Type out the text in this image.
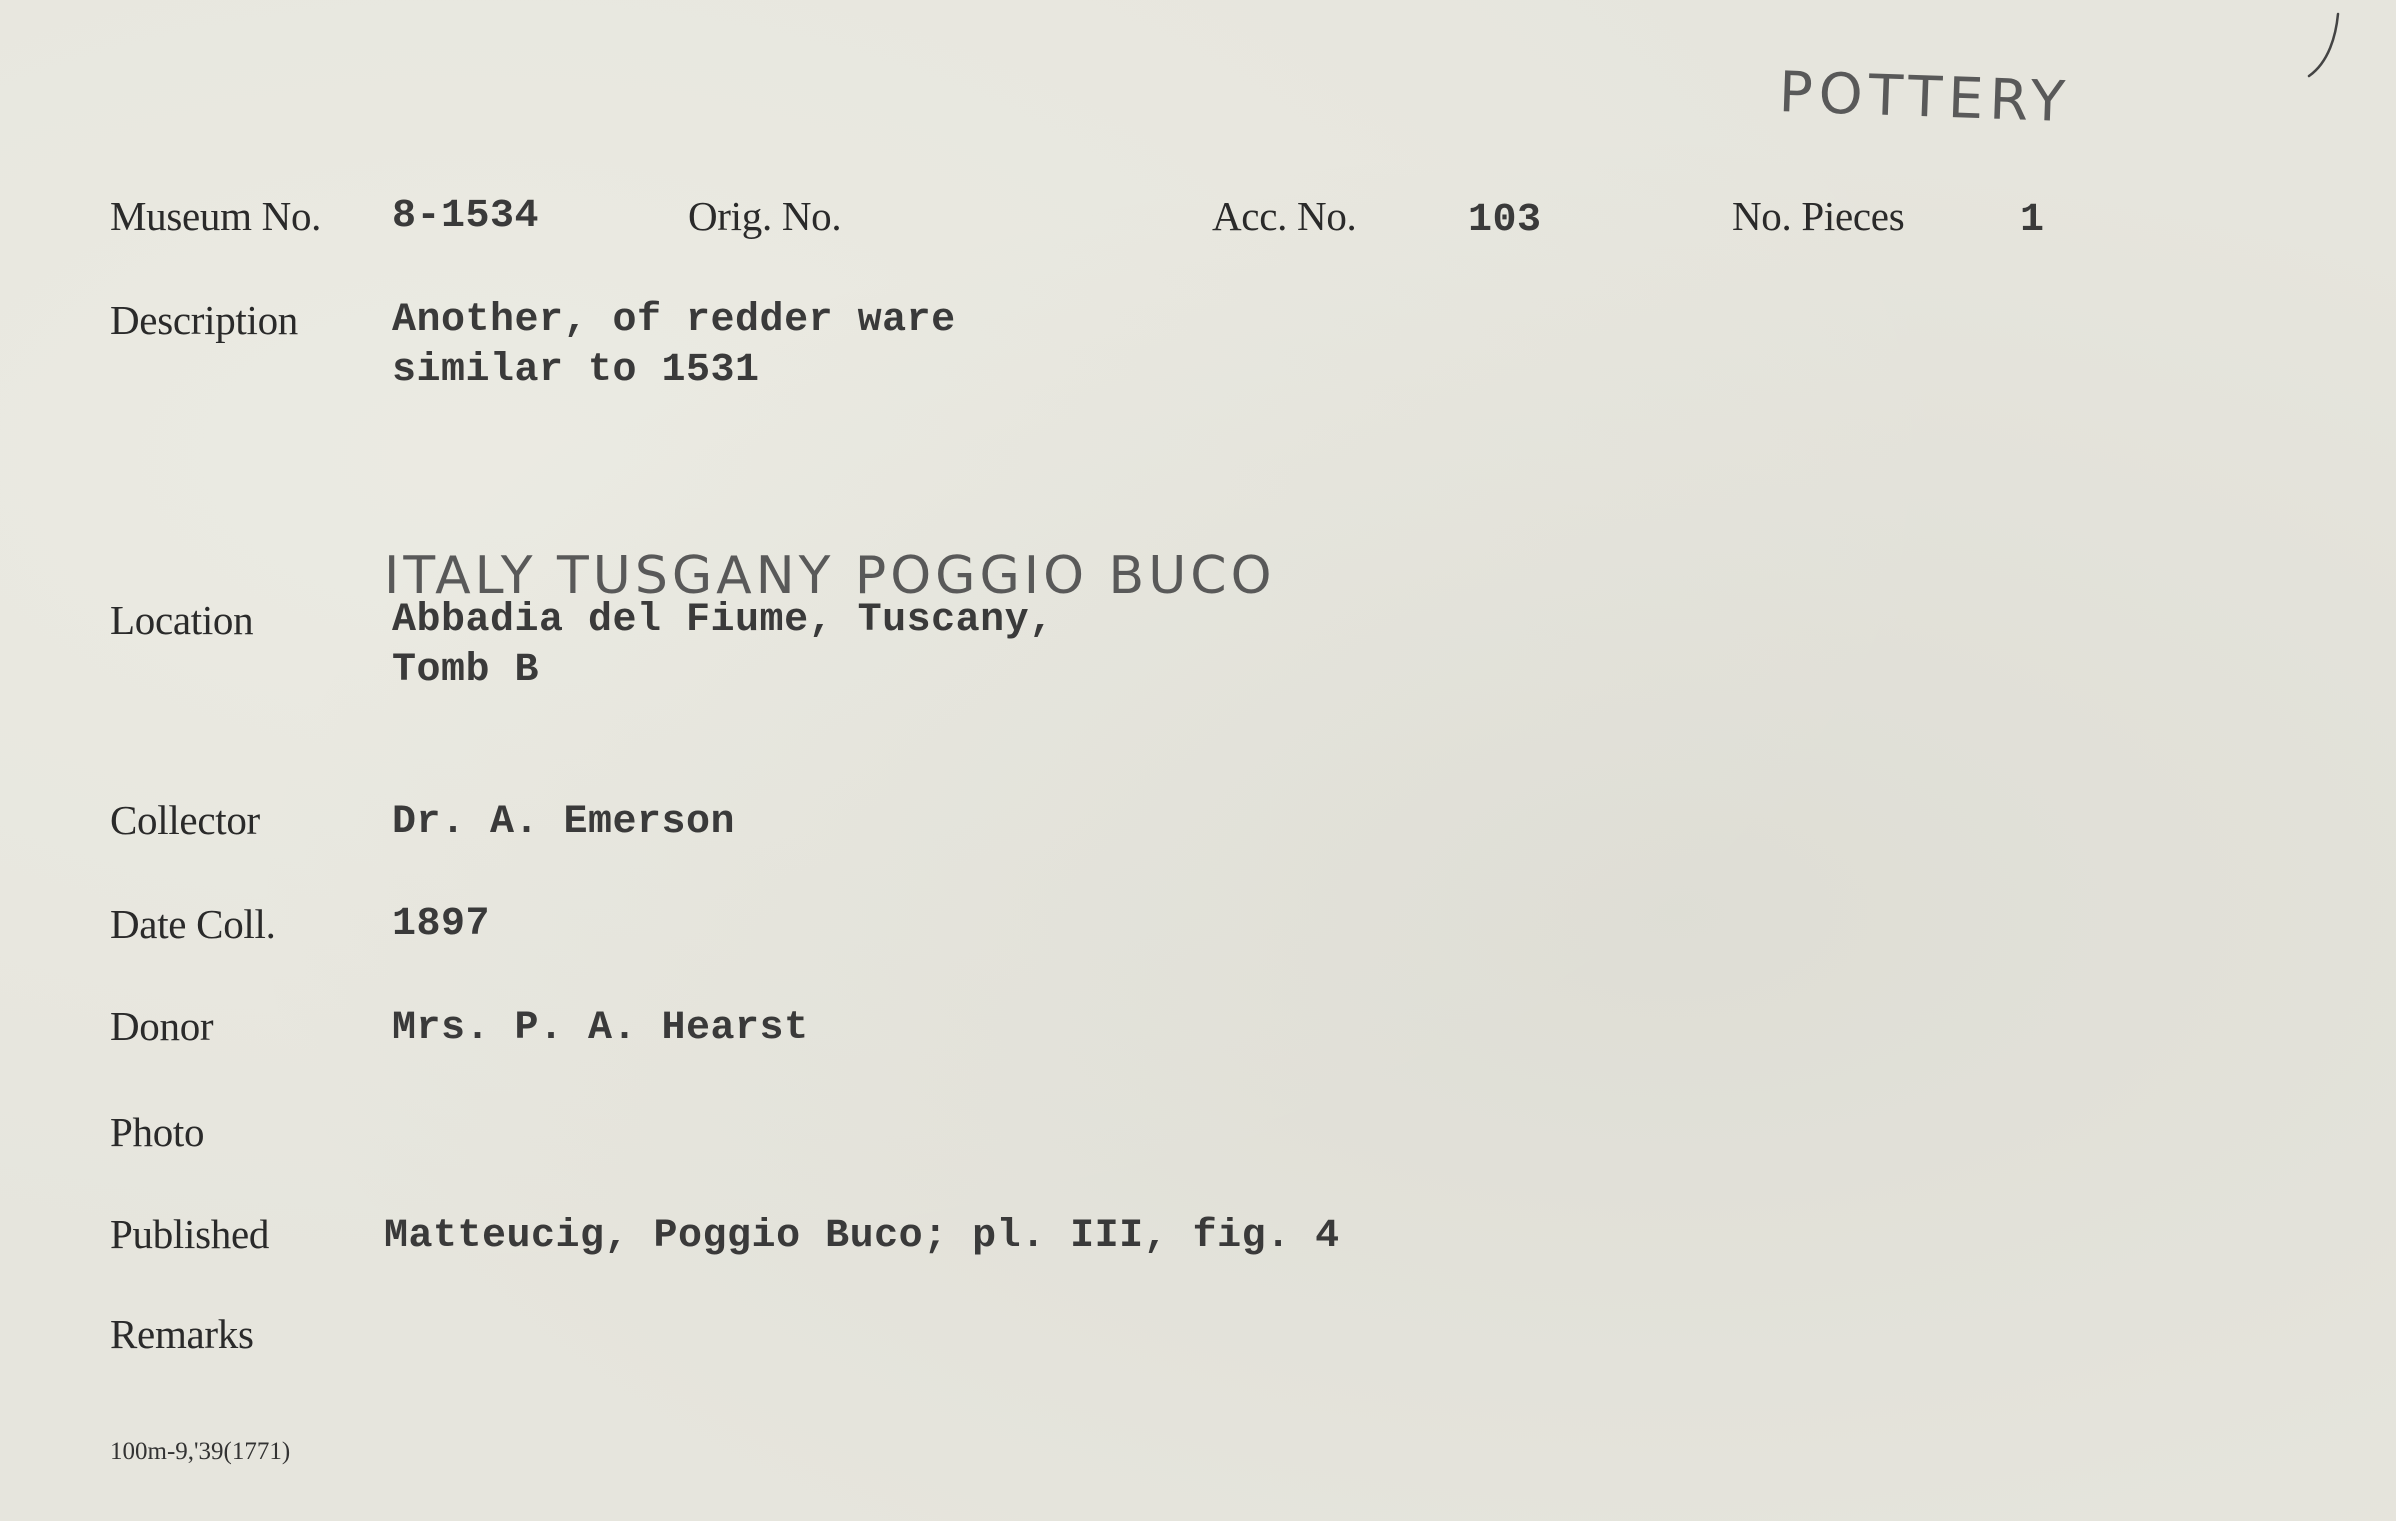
POTTERY
Museum No. 8-1534	Orig. No.	Acc. No.	103	No. Pieces	1
Description Another, of redder ware
similar to 1531
ITALY TUSGANY POGGIO BUCO
Location	Abbadia del Fiume, Tuscany,
Tomb B
Collector	Dr. A. Emerson
Date Coll.	1897
Donor	Mrs. P. A. Hearst
Photo
Published	Matteucig, Poggio Buco; pl. III, fig. 4
Remarks
100m-9,'39(1771)
